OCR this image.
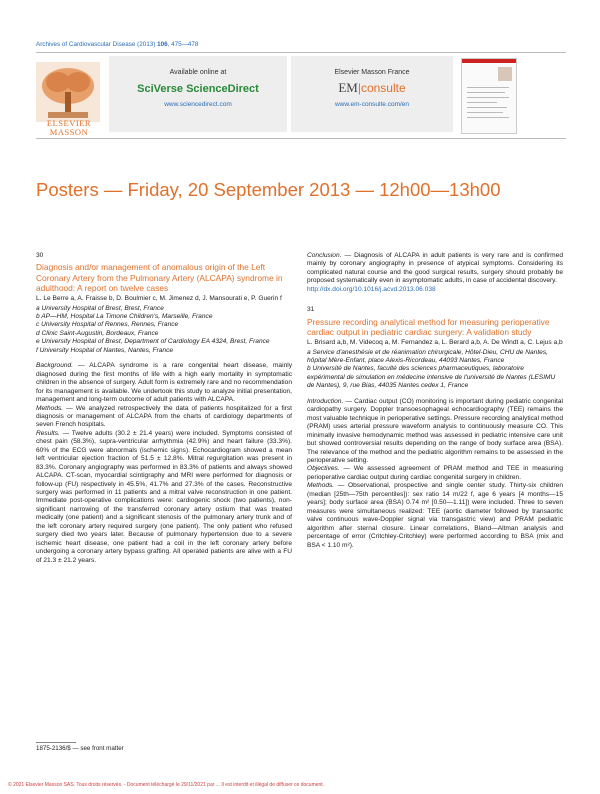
Archives of Cardiovascular Disease (2013) 106, 475—478
ELSEVIER
MASSON
Available online at
SciVerse ScienceDirect
www.sciencedirect.com
Elsevier Masson France
EM|consulte
www.em-consulte.com/en
Posters — Friday, 20 September 2013 — 12h00—13h00
30
Diagnosis and/or management of anomalous origin of the Left Coronary Artery from the Pulmonary Artery (ALCAPA) syndrome in adulthood: A report on twelve cases
L. Le Berre a, A. Fraisse b, D. Boulmier c, M. Jimenez d, J. Mansourati e, P. Guerin f
a University Hospital of Brest, Brest, France
b AP—HM, Hospital La Timone Children's, Marseille, France
c University Hospital of Rennes, Rennes, France
d Clinic Saint-Augustin, Bordeaux, France
e University Hospital of Brest, Department of Cardiology EA 4324, Brest, France
f University Hospital of Nantes, Nantes, France

Background. — ALCAPA syndrome is a rare congenital heart disease, mainly diagnosed during the first months of life with a high early mortality in symptomatic children in the absence of surgery. Adult form is extremely rare and no recommendation for its management is available. We undertook this study to analyze initial presentation, management and long-term outcome of adult patients with ALCAPA.

Methods. — We analyzed retrospectively the data of patients hospitalized for a first diagnosis or management of ALCAPA from the charts of cardiology departments of seven French hospitals.

Results. — Twelve adults (30.2 ± 21.4 years) were included. Symptoms consisted of chest pain (58.3%), supra-ventricular arrhythmia (42.9%) and heart failure (33.3%). 60% of the ECG were abnormals (ischemic signs). Echocardiogram showed a mean left ventricular ejection fraction of 51.5 ± 12.8%. Mitral regurgitation was present in 83.3%. Coronary angiography was performed in 83.3% of patients and always showed ALCAPA. CT-scan, myocardial scintigraphy and MRI were performed for diagnosis or follow-up (FU) respectively in 45.5%, 41.7% and 27.3% of the cases. Reconstructive surgery was performed in 11 patients and a mitral valve reconstruction in one patient. Immediate post-operative complications were: cardiogenic shock (two patients), non-significant narrowing of the transferred coronary artery ostium that was treated medically (one patient) and a significant stenosis of the pulmonary artery trunk and of the left coronary artery required surgery (one patient). The only patient who refused surgery died two years later. Because of pulmonary hypertension due to a severe ischemic heart disease, one patient had a coil in the left coronary artery before undergoing a coronary artery bypass grafting. All operated patients are alive with a FU of 21.3 ± 21.2 years.

Conclusion. — Diagnosis of ALCAPA in adult patients is very rare and is confirmed mainly by coronary angiography in presence of atypical symptoms. Considering its complicated natural course and the good surgical results, surgery should probably be proposed systematically even in asymptomatic adults, in case of accidental discovery.

http://dx.doi.org/10.1016/j.acvd.2013.06.038
31
Pressure recording analytical method for measuring perioperative cardiac output in pediatric cardiac surgery: A validation study
L. Brisard a,b, M. Videcoq a, M. Fernandez a, L. Berard a,b, A. De Windt a, C. Lejus a,b
a Service d'anesthésie et de réanimation chirurgicale, Hôtel-Dieu, CHU de Nantes, hôpital Mère-Enfant, place Alexis-Ricordeau, 44093 Nantes, France
b Université de Nantes, faculté des sciences pharmaceutiques, laboratoire expérimental de simulation en médecine intensive de l'université de Nantes (LESIMU de Nantes), 9, rue Bias, 44035 Nantes cedex 1, France

Introduction. — Cardiac output (CO) monitoring is important during pediatric congenital cardiopathy surgery. Doppler transoesophageal echocardiography (TEE) remains the most valuable technique in perioperative settings. Pressure recording analytical method (PRAM) uses arterial pressure waveform analysis to continuously measure CO. This minimally invasive hemodynamic method was assessed in pediatric intensive care unit but showed controversial results depending on the range of body surface area (BSA). The relevance of the method and the pediatric algorithm remains to be assessed in the perioperative setting.

Objectives. — We assessed agreement of PRAM method and TEE in measuring perioperative cardiac output during cardiac congenital surgery in children.

Methods. — Observational, prospective and single center study. Thirty-six children (median [25th—75th percentiles]): sex ratio 14 m/22 f, age 6 years [4 months—15 years]; body surface area (BSA) 0.74 m² [0.50—1.11]) were included. Three to seven measures were simultaneous realized: TEE (aortic diameter followed by transaortic valve continuous wave-Doppler signal via transgastric view) and PRAM pediatric algorithm after sternal closure. Linear correlations, Bland—Altman analysis and percentage of error (Critchley-Critchley) were performed according to BSA (mix and BSA < 1.10 m²).

1875-2136/$ — see front matter
© 2021 Elsevier Masson SAS. Tous droits réservés. - Document téléchargé le 29/11/2021 par ... Il est interdit et illégal de diffuser ce document.
